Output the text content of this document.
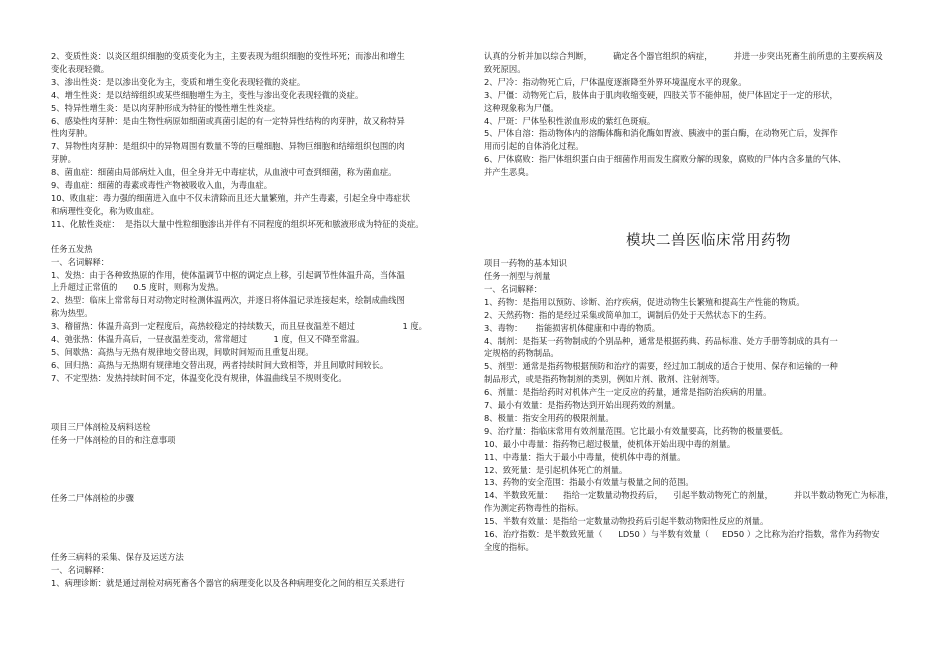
2、变质性炎：以炎区组织细胞的变质变化为主，主要表现为组织细胞的变性坏死；而渗出和增生
变化表现轻微。

3、渗出性炎：是以渗出变化为主，变质和增生变化表现轻微的炎症。

4、增生性炎：是以结缔组织或某些细胞增生为主，变性与渗出变化表现轻微的炎症。

5、特异性增生炎：是以肉芽肿形成为特征的慢性增生性炎症。

6、感染性肉芽肿：是由生物性病原如细菌或真菌引起的有一定特异性结构的肉芽肿，故又称特异
性肉芽肿。

7、异物性肉芽肿：是组织中的异物周围有数量不等的巨噬细胞、异物巨细胞和结缔组织包围的肉
芽肿。

8、菌血症：细菌由局部病灶入血，但全身并无中毒症状，从血液中可查到细菌，称为菌血症。

9、毒血症：细菌的毒素或毒性产物被吸收入血，为毒血症。

10、败血症：毒力强的细菌进入血中不仅未清除而且还大量繁殖，并产生毒素，引起全身中毒症状
和病理性变化，称为败血症。

11、化脓性炎症：  是指以大量中性粒细胞渗出并伴有不同程度的组织坏死和脓液形成为特征的炎症。

任务五发热

一、名词解释：

1、发热：由于各种致热原的作用，使体温调节中枢的调定点上移，引起调节性体温升高，当体温
上升超过正常值的      0.5 度时，则称为发热。

2、热型：临床上常常每日对动物定时检测体温两次，并逐日将体温记录连接起来，绘制成曲线图
称为热型。

3、稽留热：体温升高到一定程度后，高热较稳定的持续数天，而且昼夜温差不超过                  1 度。

4、弛张热：体温升高后，一昼夜温差变动，常常超过          1 度，但又不降至常温。

5、间歇热：高热与无热有规律地交替出现，间歇时间短而且重复出现。

6、回归热：高热与无热期有规律地交替出现，两者持续时间大致相等，并且间歇时间较长。

7、不定型热：发热持续时间不定，体温变化没有规律，体温曲线呈不规则变化。

项目三尸体剖检及病料送检

任务一尸体剖检的目的和注意事项

任务二尸体剖检的步骤

任务三病料的采集、保存及运送方法

一、名词解释：

1、病理诊断：就是通过剖检对病死畜各个器官的病理变化以及各种病理变化之间的相互关系进行

认真的分析并加以综合判断，        确定各个器官组织的病症，        并进一步突出死畜生前所患的主要疾病及
致死原因。

2、尸冷：指动物死亡后，尸体温度逐渐降至外界环境温度水平的现象。

3、尸僵：动物死亡后，肢体由于肌肉收缩变硬，四肢关节不能伸屈，使尸体固定于一定的形状，
这种现象称为尸僵。

4、尸斑：尸体坠积性淤血形成的紫红色斑痕。

5、尸体自溶：指动物体内的溶酶体酶和消化酶如胃液、胰液中的蛋白酶，在动物死亡后，发挥作
用而引起的自体消化过程。

6、尸体腐败：指尸体组织蛋白由于细菌作用而发生腐败分解的现象，腐败的尸体内含多量的气体、
并产生恶臭。

模块二兽医临床常用药物

项目一药物的基本知识

任务一剂型与剂量

一、名词解释：

1、药物：是指用以预防、诊断、治疗疾病，促进动物生长繁殖和提高生产性能的物质。

2、天然药物：指的是经过采集或简单加工，调制后仍处于天然状态下的生药。

3、毒物：     指能损害机体健康和中毒的物质。

4、制剂：是指某一药物制成的个别品种，通常是根据药典、药品标准、处方手册等制成的具有一
定规格的药物制品。

5、剂型：通常是指药物根据预防和治疗的需要，经过加工制成的适合于使用、保存和运输的一种
制品形式，或是指药物制剂的类别，例如片剂、散剂、注射剂等。

6、剂量：是指给药时对机体产生一定反应的药量，通常是指防治疾病的用量。

7、最小有效量：是指药物达到开始出现药效的剂量。

8、极量：指安全用药的极限剂量。

9、治疗量：指临床常用有效剂量范围。它比最小有效量要高，比药物的极量要低。

10、最小中毒量：指药物已超过极量，使机体开始出现中毒的剂量。

11、中毒量：指大于最小中毒量，使机体中毒的剂量。

12、致死量：是引起机体死亡的剂量。

13、药物的安全范围：指最小有效量与极量之间的范围。

14、半数致死量：    指给一定数量动物投药后，    引起半数动物死亡的剂量，        并以半数动物死亡为标准，
作为测定药物毒性的指标。

15、半数有效量：是指给一定数量动物投药后引起半数动物阳性反应的剂量。

16、治疗指数：是半数致死量（      LD50 ）与半数有效量（     ED50 ）之比称为治疗指数，常作为药物安
全度的指标。
